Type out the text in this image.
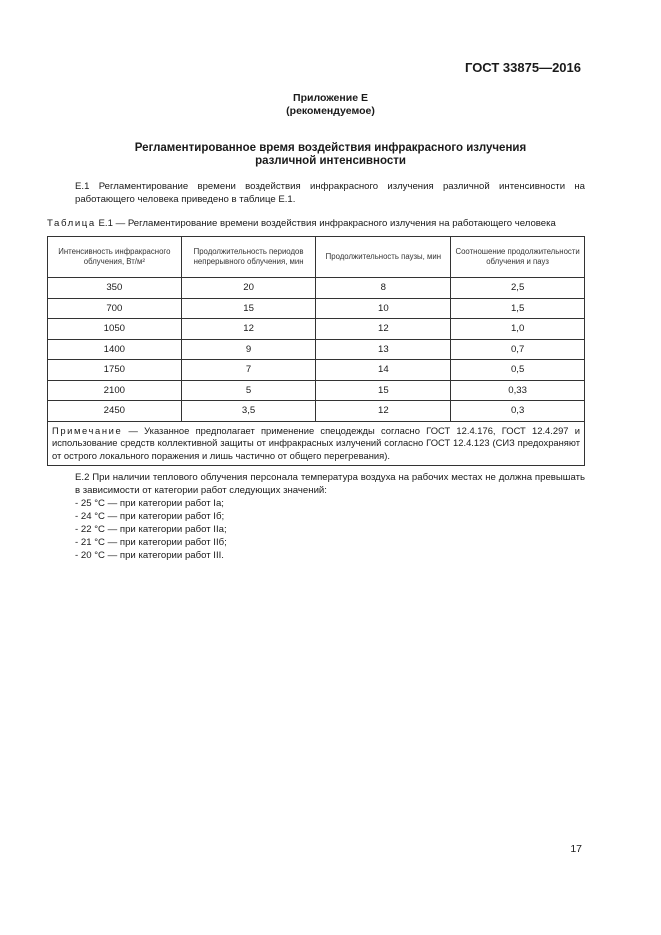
ГОСТ 33875—2016
Приложение Е
(рекомендуемое)
Регламентированное время воздействия инфракрасного излучения
различной интенсивности
Е.1 Регламентирование времени воздействия инфракрасного излучения различной интенсивности на работающего человека приведено в таблице Е.1.
Таблица Е.1 — Регламентирование времени воздействия инфракрасного излучения на работающего человека
Интенсивность инфракрасного облучения, Вт/м²	Продолжительность периодов непрерывного облучения, мин	Продолжительность паузы, мин	Соотношение продолжительности облучения и пауз
350	20	8	2,5
700	15	10	1,5
1050	12	12	1,0
1400	9	13	0,7
1750	7	14	0,5
2100	5	15	0,33
2450	3,5	12	0,3
Примечание — Указанное предполагает применение спецодежды согласно ГОСТ 12.4.176, ГОСТ 12.4.297 и использование средств коллективной защиты от инфракрасных излучений согласно ГОСТ 12.4.123 (СИЗ предохраняют от острого локального поражения и лишь частично от общего перегревания).			
Е.2 При наличии теплового облучения персонала температура воздуха на рабочих местах не должна превышать в зависимости от категории работ следующих значений:
- 25 °С — при категории работ Iа;
- 24 °С — при категории работ Iб;
- 22 °С — при категории работ IIа;
- 21 °С — при категории работ IIб;
- 20 °С — при категории работ III.
17
